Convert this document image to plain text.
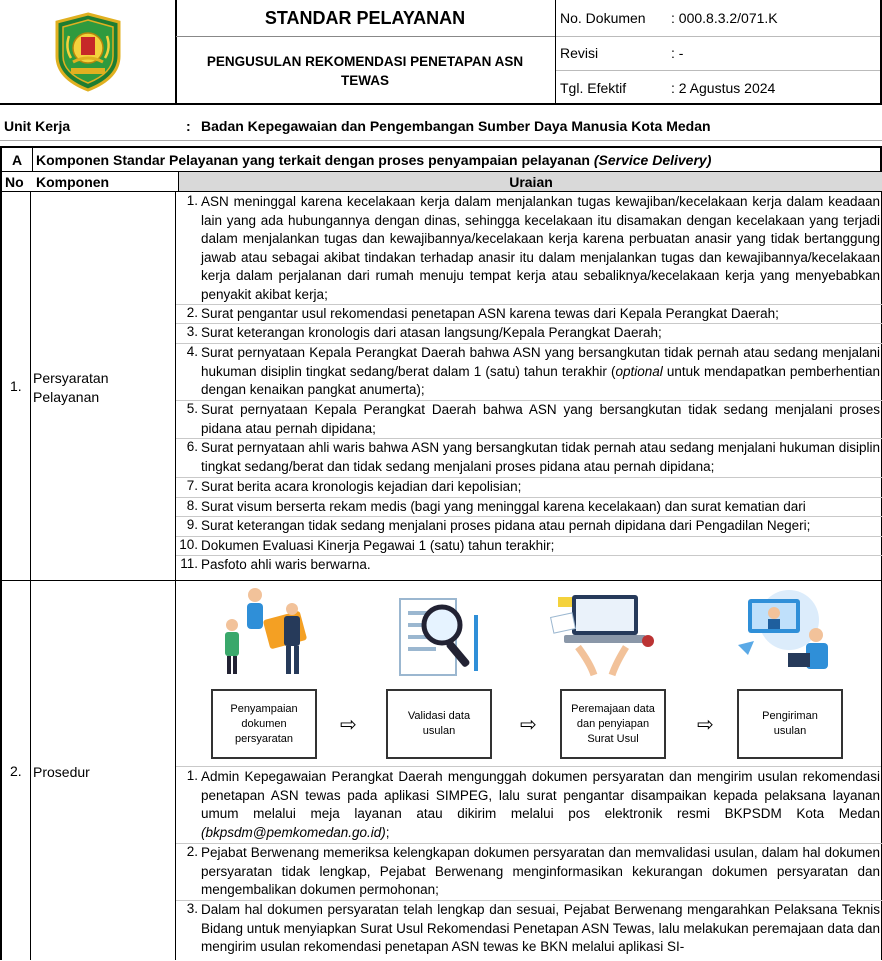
STANDAR PELAYANAN
PENGUSULAN REKOMENDASI PENETAPAN ASN TEWAS
No. Dokumen : 000.8.3.2/071.K
Revisi	: -
Tgl. Efektif	: 2 Agustus 2024
Unit Kerja	: Badan Kepegawaian dan Pengembangan Sumber Daya Manusia Kota Medan
A Komponen Standar Pelayanan yang terkait dengan proses penyampaian pelayanan (Service Delivery)
No Komponen	Uraian
1. Persyaratan Pelayanan
1. ASN meninggal karena kecelakaan kerja dalam menjalankan tugas kewajiban/kecelakaan kerja dalam keadaan lain yang ada hubungannya dengan dinas, sehingga kecelakaan itu disamakan dengan kecelakaan yang terjadi dalam menjalankan tugas dan kewajibannya/kecelakaan kerja karena perbuatan anasir yang tidak bertanggung jawab atau sebagai akibat tindakan terhadap anasir itu dalam menjalankan tugas dan kewajibannya/kecelakaan kerja dalam perjalanan dari rumah menuju tempat kerja atau sebaliknya/kecelakaan kerja yang menyebabkan penyakit akibat kerja;
2. Surat pengantar usul rekomendasi penetapan ASN karena tewas dari Kepala Perangkat Daerah;
3. Surat keterangan kronologis dari atasan langsung/Kepala Perangkat Daerah;
4. Surat pernyataan Kepala Perangkat Daerah bahwa ASN yang bersangkutan tidak pernah atau sedang menjalani hukuman disiplin tingkat sedang/berat dalam 1 (satu) tahun terakhir (optional untuk mendapatkan pemberhentian dengan kenaikan pangkat anumerta);
5. Surat pernyataan Kepala Perangkat Daerah bahwa ASN yang bersangkutan tidak sedang menjalani proses pidana atau pernah dipidana;
6. Surat pernyataan ahli waris bahwa ASN yang bersangkutan tidak pernah atau sedang menjalani hukuman disiplin tingkat sedang/berat dan tidak sedang menjalani proses pidana atau pernah dipidana;
7. Surat berita acara kronologis kejadian dari kepolisian;
8. Surat visum berserta rekam medis (bagi yang meninggal karena kecelakaan) dan surat kematian dari
9. Surat keterangan tidak sedang menjalani proses pidana atau pernah dipidana dari Pengadilan Negeri;
10. Dokumen Evaluasi Kinerja Pegawai 1 (satu) tahun terakhir;
11. Pasfoto ahli waris berwarna.
2. Prosedur
Penyampaian dokumen persyaratan
⇨	Validasi data usulan	⇨
Peremajaan data dan penyiapan Surat Usul
⇨	Pengiriman usulan
1. Admin Kepegawaian Perangkat Daerah mengunggah dokumen persyaratan dan mengirim usulan rekomendasi penetapan ASN tewas pada aplikasi SIMPEG, lalu surat pengantar disampaikan kepada pelaksana layanan umum melalui meja layanan atau dikirim melalui pos elektronik resmi BKPSDM Kota Medan (bkpsdm@pemkomedan.go.id);
2. Pejabat Berwenang memeriksa kelengkapan dokumen persyaratan dan memvalidasi usulan, dalam hal dokumen persyaratan tidak lengkap, Pejabat Berwenang menginformasikan kekurangan dokumen persyaratan dan mengembalikan dokumen permohonan;
3. Dalam hal dokumen persyaratan telah lengkap dan sesuai, Pejabat Berwenang mengarahkan Pelaksana Teknis Bidang untuk menyiapkan Surat Usul Rekomendasi Penetapan ASN Tewas, lalu melakukan peremajaan data dan mengirim usulan rekomendasi penetapan ASN tewas ke BKN melalui aplikasi SI-
